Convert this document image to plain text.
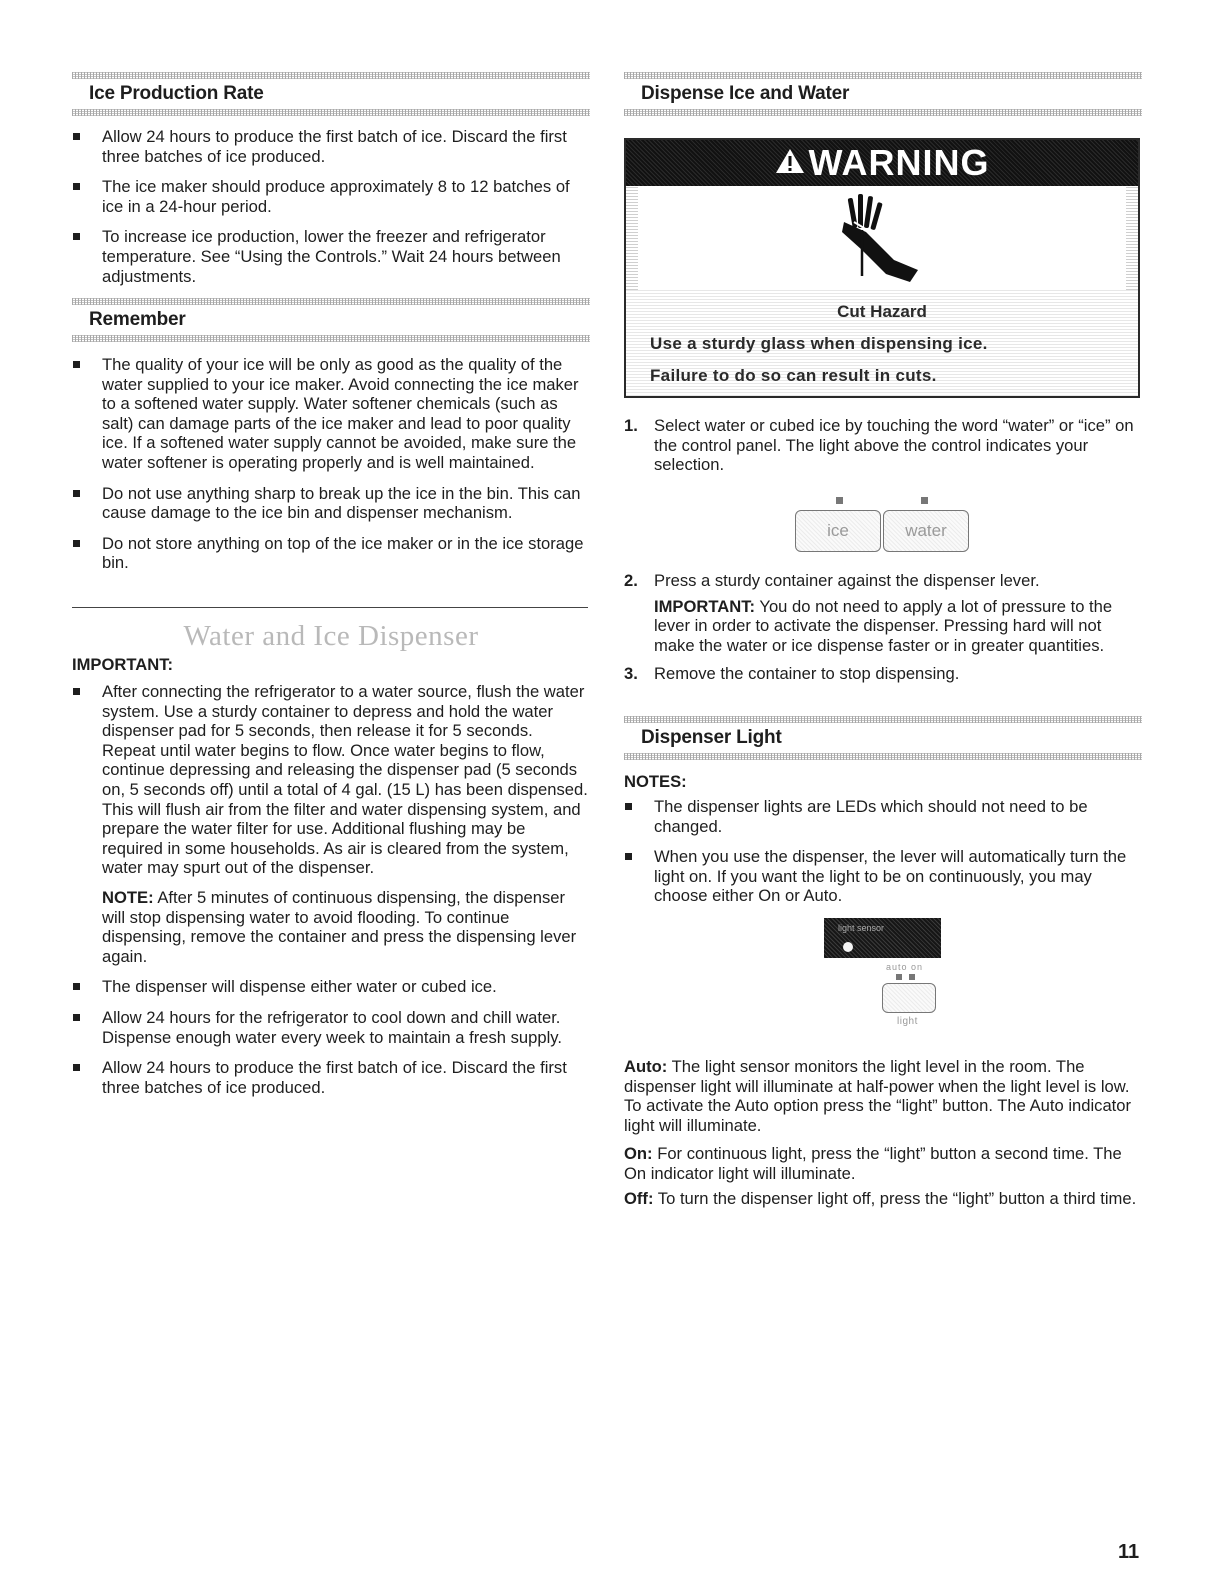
Ice Production Rate
Allow 24 hours to produce the first batch of ice. Discard the first three batches of ice produced.
The ice maker should produce approximately 8 to 12 batches of ice in a 24-hour period.
To increase ice production, lower the freezer and refrigerator temperature. See “Using the Controls.” Wait 24 hours between adjustments.
Remember
The quality of your ice will be only as good as the quality of the water supplied to your ice maker. Avoid connecting the ice maker to a softened water supply. Water softener chemicals (such as salt) can damage parts of the ice maker and lead to poor quality ice. If a softened water supply cannot be avoided, make sure the water softener is operating properly and is well maintained.
Do not use anything sharp to break up the ice in the bin. This can cause damage to the ice bin and dispenser mechanism.
Do not store anything on top of the ice maker or in the ice storage bin.
Water and Ice Dispenser
IMPORTANT:
After connecting the refrigerator to a water source, flush the water system. Use a sturdy container to depress and hold the water dispenser pad for 5 seconds, then release it for 5 seconds. Repeat until water begins to flow. Once water begins to flow, continue depressing and releasing the dispenser pad (5 seconds on, 5 seconds off) until a total of 4 gal. (15 L) has been dispensed. This will flush air from the filter and water dispensing system, and prepare the water filter for use. Additional flushing may be required in some households. As air is cleared from the system, water may spurt out of the dispenser.

NOTE: After 5 minutes of continuous dispensing, the dispenser will stop dispensing water to avoid flooding. To continue dispensing, remove the container and press the dispensing lever again.

The dispenser will dispense either water or cubed ice.
Allow 24 hours for the refrigerator to cool down and chill water. Dispense enough water every week to maintain a fresh supply.
Allow 24 hours to produce the first batch of ice. Discard the first three batches of ice produced.
Dispense Ice and Water
WARNING
Cut Hazard
Use a sturdy glass when dispensing ice.
Failure to do so can result in cuts.
1. Select water or cubed ice by touching the word “water” or “ice” on the control panel. The light above the control indicates your selection.
ice	water
2. Press a sturdy container against the dispenser lever.

IMPORTANT: You do not need to apply a lot of pressure to the lever in order to activate the dispenser. Pressing hard will not make the water or ice dispense faster or in greater quantities.

3. Remove the container to stop dispensing.
Dispenser Light
NOTES:
The dispenser lights are LEDs which should not need to be changed.
When you use the dispenser, the lever will automatically turn the light on. If you want the light to be on continuously, you may choose either On or Auto.
light sensor
auto on
light

Auto: The light sensor monitors the light level in the room. The dispenser light will illuminate at half-power when the light level is low. To activate the Auto option press the “light” button. The Auto indicator light will illuminate.

On: For continuous light, press the “light” button a second time. The On indicator light will illuminate.

Off: To turn the dispenser light off, press the “light” button a third time.

11
